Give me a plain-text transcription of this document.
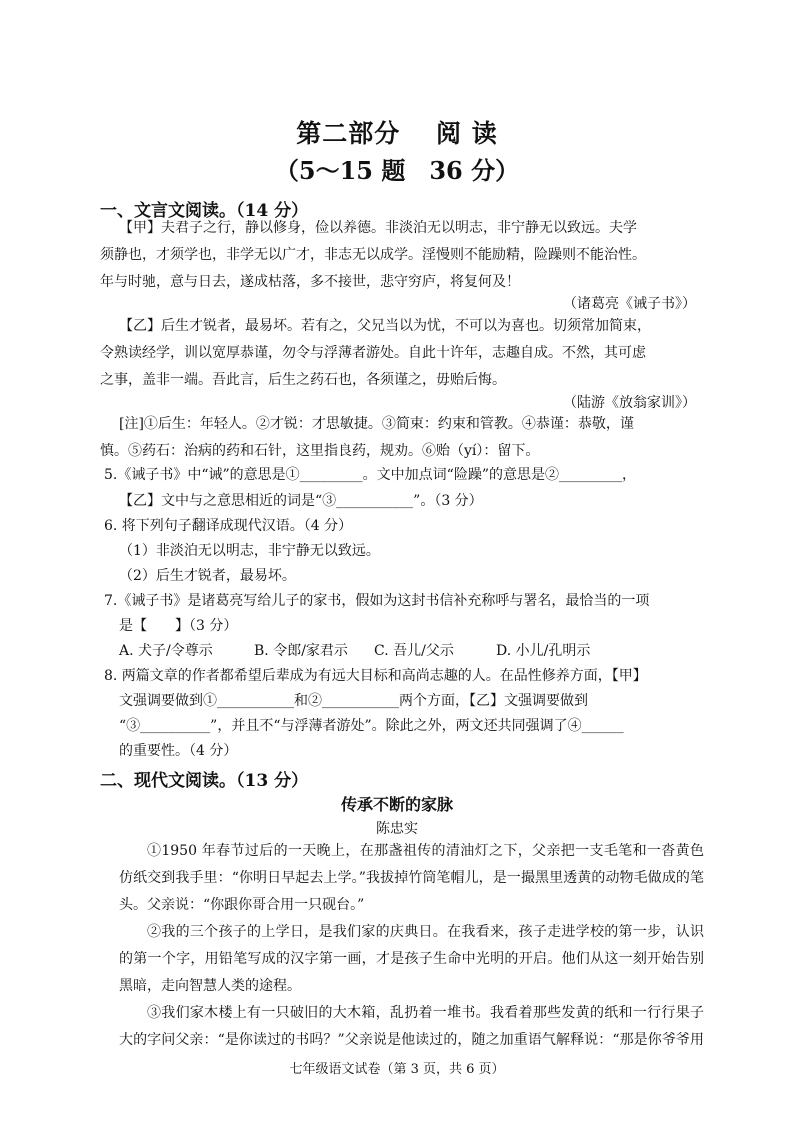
第二部分　 阅 读
（5～15 题　36 分）
一、文言文阅读。（14 分）
【甲】夫君子之行，静以修身，俭以养德。非淡泊无以明志，非宁静无以致远。夫学
须静也，才须学也，非学无以广才，非志无以成学。淫慢则不能励精，险躁则不能治性。
年与时驰，意与日去，遂成枯落，多不接世，悲守穷庐，将复何及！
（诸葛亮《诫子书》）
【乙】后生才锐者，最易坏。若有之，父兄当以为忧，不可以为喜也。切须常加简束，
令熟读经学，训以宽厚恭谨，勿令与浮薄者游处。自此十许年，志趣自成。不然，其可虑
之事，盖非一端。吾此言，后生之药石也，各须谨之，毋贻后悔。
（陆游《放翁家训》）
[注]①后生：年轻人。②才锐：才思敏捷。③简束：约束和管教。④恭谨：恭敬，谨
慎。⑤药石：治病的药和石针，这里指良药，规劝。⑥贻（yí）：留下。
5.《诫子书》中“诫”的意思是①_________。文中加点词“险躁”的意思是②_________，
【乙】文中与之意思相近的词是“③___________”。（3 分）
6. 将下列句子翻译成现代汉语。（4 分）
（1）非淡泊无以明志，非宁静无以致远。
（2）后生才锐者，最易坏。
7.《诫子书》是诸葛亮写给儿子的家书，假如为这封书信补充称呼与署名，最恰当的一项
是【　　】（3 分）
A. 犬子/令尊示	B. 令郎/家君示 C. 吾儿/父示	D. 小儿/孔明示
8. 两篇文章的作者都希望后辈成为有远大目标和高尚志趣的人。在品性修养方面，【甲】
文强调要做到①___________和②___________两个方面，【乙】文强调要做到
“③__________”，并且不“与浮薄者游处”。除此之外，两文还共同强调了④______
的重要性。（4 分）
二、现代文阅读。（13 分）
传承不断的家脉
陈忠实
①1950 年春节过后的一天晚上，在那盏祖传的清油灯之下，父亲把一支毛笔和一沓黄色仿纸交到我手里：“你明日早起去上学。”我拔掉竹筒笔帽儿，是一撮黑里透黄的动物毛做成的笔头。父亲说：“你跟你哥合用一只砚台。”
②我的三个孩子的上学日，是我们家的庆典日。在我看来，孩子走进学校的第一步，认识的第一个字，用铅笔写成的汉字第一画，才是孩子生命中光明的开启。他们从这一刻开始告别黑暗，走向智慧人类的途程。
③我们家木楼上有一只破旧的大木箱，乱扔着一堆书。我看着那些发黄的纸和一行行果子大的字问父亲：“是你读过的书吗？”父亲说是他读过的，随之加重语气解释说：“那是你爷爷用
七年级语文试卷（第 3 页，共 6 页）
